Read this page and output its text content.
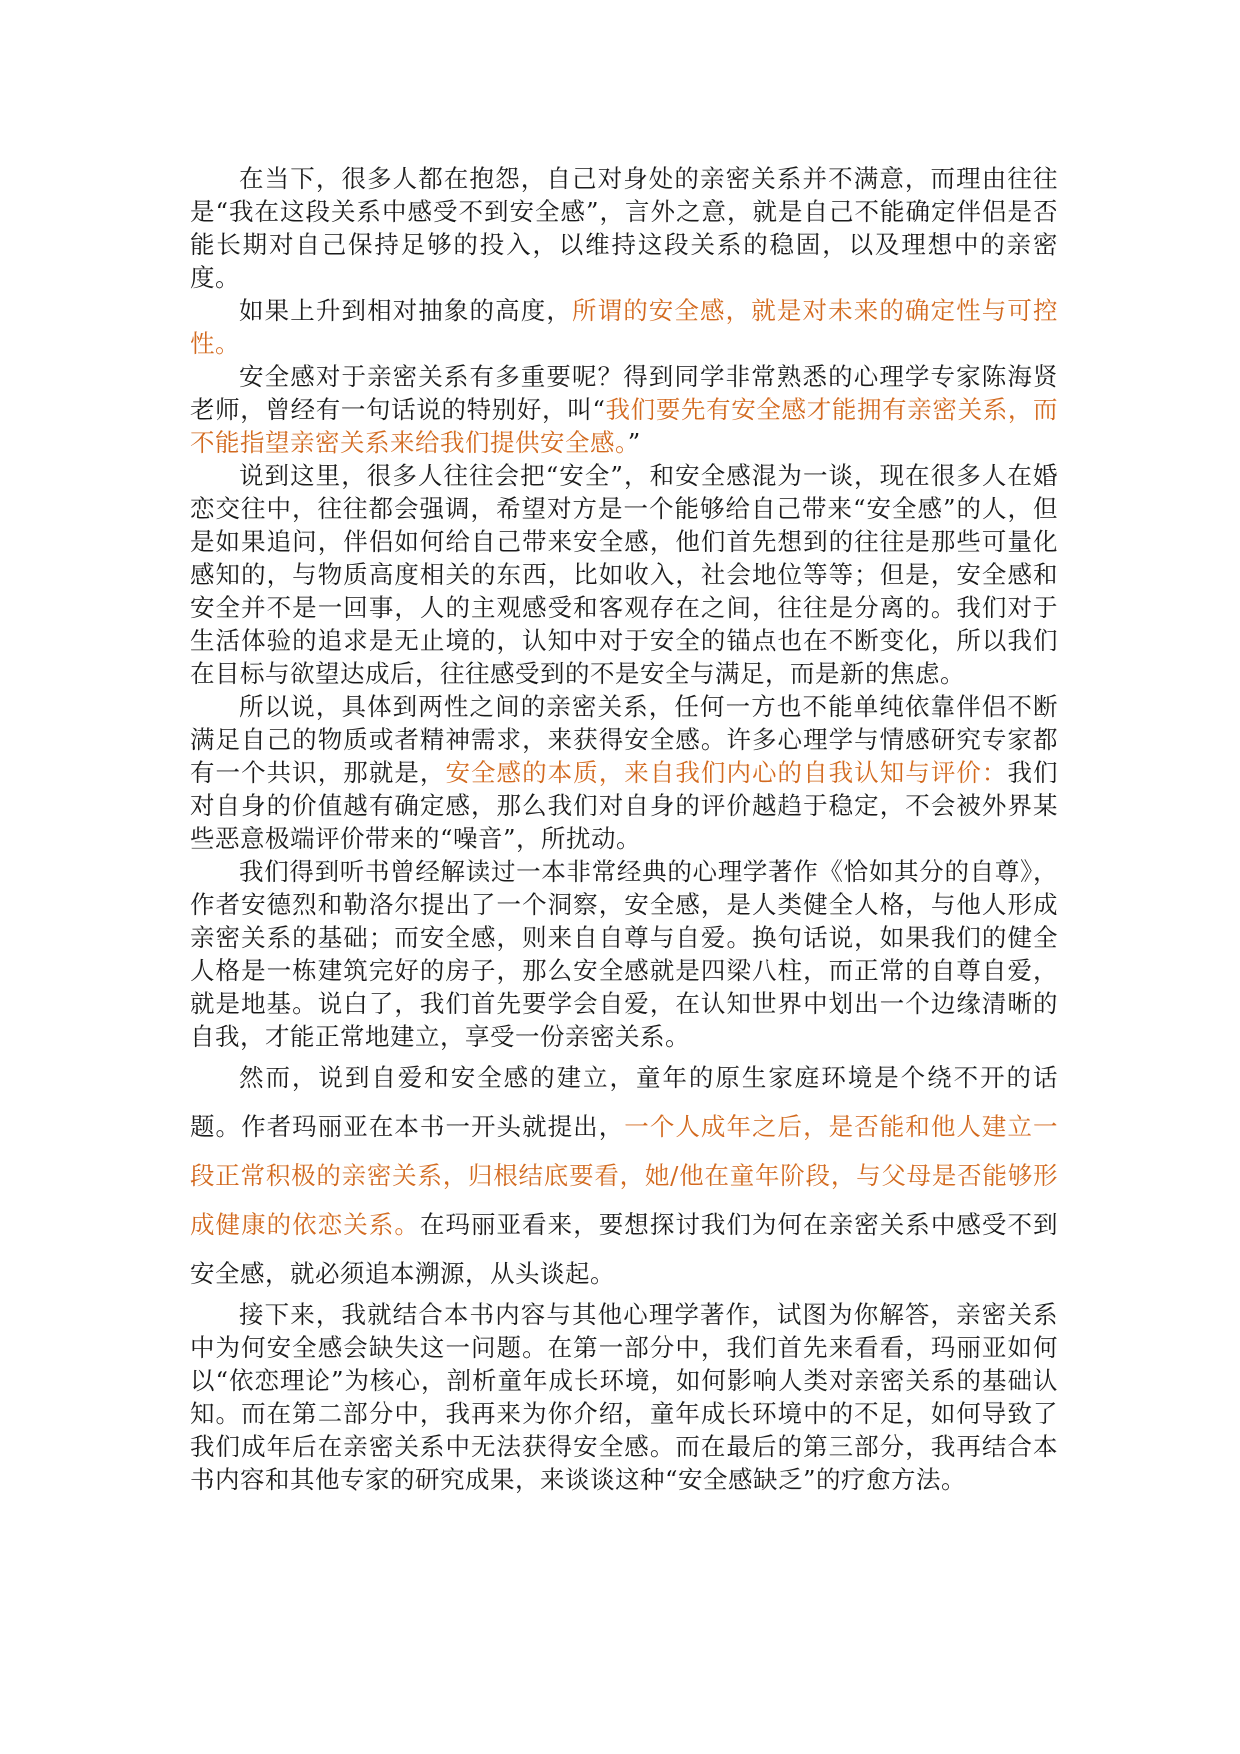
在当下，很多人都在抱怨，自己对身处的亲密关系并不满意，而理由往往是“我在这段关系中感受不到安全感”，言外之意，就是自己不能确定伴侣是否能长期对自己保持足够的投入，以维持这段关系的稳固，以及理想中的亲密度。

如果上升到相对抽象的高度，所谓的安全感，就是对未来的确定性与可控性。

安全感对于亲密关系有多重要呢？得到同学非常熟悉的心理学专家陈海贤老师，曾经有一句话说的特别好，叫“我们要先有安全感才能拥有亲密关系，而不能指望亲密关系来给我们提供安全感。”

说到这里，很多人往往会把“安全”，和安全感混为一谈，现在很多人在婚恋交往中，往往都会强调，希望对方是一个能够给自己带来“安全感”的人，但是如果追问，伴侣如何给自己带来安全感，他们首先想到的往往是那些可量化感知的，与物质高度相关的东西，比如收入，社会地位等等；但是，安全感和安全并不是一回事，人的主观感受和客观存在之间，往往是分离的。我们对于生活体验的追求是无止境的，认知中对于安全的锚点也在不断变化，所以我们在目标与欲望达成后，往往感受到的不是安全与满足，而是新的焦虑。

所以说，具体到两性之间的亲密关系，任何一方也不能单纯依靠伴侣不断满足自己的物质或者精神需求，来获得安全感。许多心理学与情感研究专家都有一个共识，那就是，安全感的本质，来自我们内心的自我认知与评价：我们对自身的价值越有确定感，那么我们对自身的评价越趋于稳定，不会被外界某些恶意极端评价带来的“噪音”，所扰动。

我们得到听书曾经解读过一本非常经典的心理学著作《恰如其分的自尊》，作者安德烈和勒洛尔提出了一个洞察，安全感，是人类健全人格，与他人形成亲密关系的基础；而安全感，则来自自尊与自爱。换句话说，如果我们的健全人格是一栋建筑完好的房子，那么安全感就是四梁八柱，而正常的自尊自爱，就是地基。说白了，我们首先要学会自爱，在认知世界中划出一个边缘清晰的自我，才能正常地建立，享受一份亲密关系。

然而，说到自爱和安全感的建立，童年的原生家庭环境是个绕不开的话题。作者玛丽亚在本书一开头就提出，一个人成年之后，是否能和他人建立一段正常积极的亲密关系，归根结底要看，她/他在童年阶段，与父母是否能够形成健康的依恋关系。在玛丽亚看来，要想探讨我们为何在亲密关系中感受不到安全感，就必须追本溯源，从头谈起。

接下来，我就结合本书内容与其他心理学著作，试图为你解答，亲密关系中为何安全感会缺失这一问题。在第一部分中，我们首先来看看，玛丽亚如何以“依恋理论”为核心，剖析童年成长环境，如何影响人类对亲密关系的基础认知。而在第二部分中，我再来为你介绍，童年成长环境中的不足，如何导致了我们成年后在亲密关系中无法获得安全感。而在最后的第三部分，我再结合本书内容和其他专家的研究成果，来谈谈这种“安全感缺乏”的疗愈方法。
